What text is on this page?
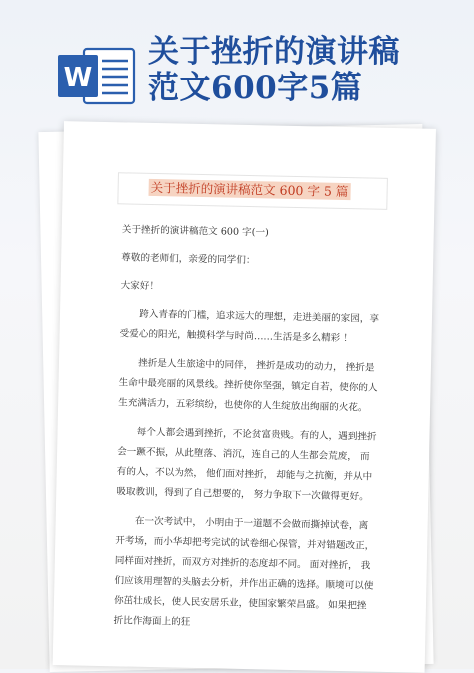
W
关于挫折的演讲稿
范文600字5篇
关于挫折的演讲稿范文 600 字 5 篇

关于挫折的演讲稿范文 600 字(一)

尊敬的老师们，亲爱的同学们：

大家好！

跨入青春的门槛，追求远大的理想，走进美丽的家园，享受爱心的阳光，触摸科学与时尚……生活是多么精彩 ！

挫折是人生旅途中的同伴， 挫折是成功的动力， 挫折是生命中最亮丽的风景线。挫折使你坚强，镇定自若，使你的人生充满活力，五彩缤纷，也使你的人生绽放出绚丽的火花。

每个人都会遇到挫折，不论贫富贵贱。有的人，遇到挫折会一蹶不振，从此堕落、消沉，连自己的人生都会荒废， 而有的人，不以为然， 他们面对挫折， 却能与之抗衡，并从中吸取教训，得到了自己想要的， 努力争取下一次做得更好。

在一次考试中， 小明由于一道题不会做而撕掉试卷，离开考场，而小华却把考完试的试卷细心保管，并对错题改正，同样面对挫折，而双方对挫折的态度却不同。 面对挫折， 我们应该用理智的头脑去分析，并作出正确的选择。顺境可以使你茁壮成长，使人民安居乐业，使国家繁荣昌盛。 如果把挫折比作海面上的狂
